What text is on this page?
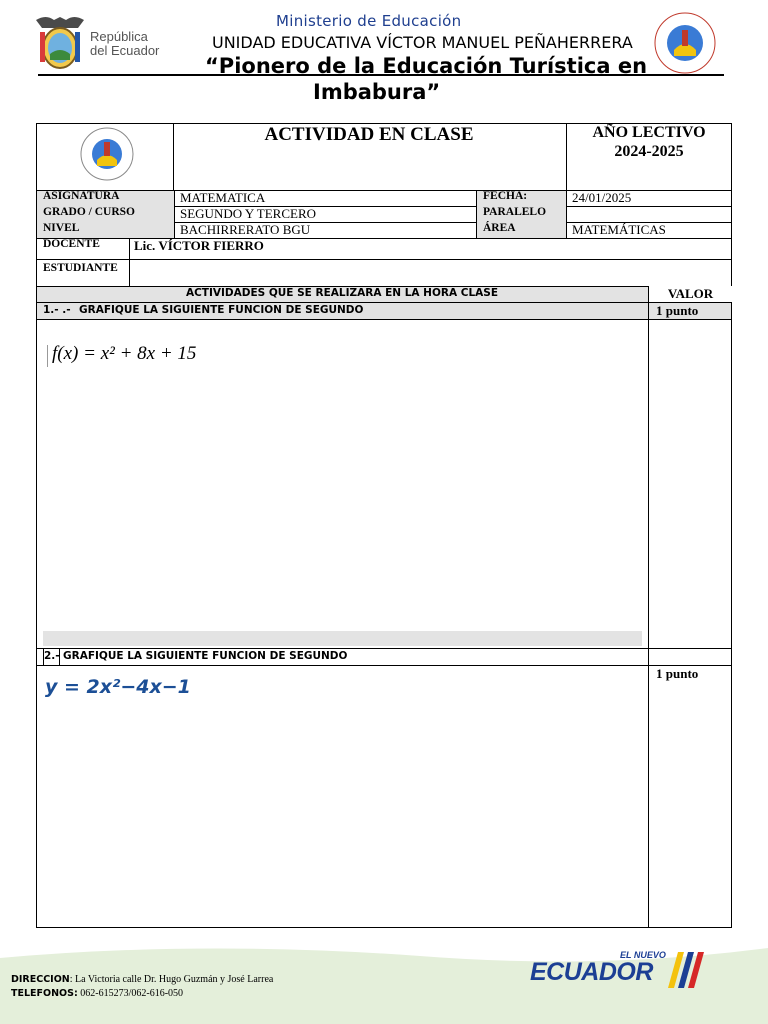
República
del Ecuador
Ministerio de Educación
UNIDAD EDUCATIVA VÍCTOR MANUEL PEÑAHERRERA
“Pionero de la Educación Turística en
Imbabura”
ACTIVIDAD EN CLASE	AÑO LECTIVO
2024-2025
ASIGNATURA	MATEMATICA	FECHA:	24/01/2025
GRADO / CURSO	SEGUNDO Y TERCERO	PARALELO
NIVEL	BACHIRRERATO BGU	ÁREA	MATEMÁTICAS
DOCENTE	Lic. VÍCTOR FIERRO
ESTUDIANTE
ACTIVIDADES QUE SE REALIZARA EN LA HORA CLASE	VALOR
1.- .- GRAFIQUE LA SIGUIENTE FUNCION DE SEGUNDO	1 punto
f(x) = x² + 8x + 15
2.- GRAFIQUE LA SIGUIENTE FUNCION DE SEGUNDO
1 punto
y = 2x²−4x−1
DIRECCION: La Victoria calle Dr. Hugo Guzmán y José Larrea
TELEFONOS: 062-615273/062-616-050
EL NUEVO
ECUADOR
